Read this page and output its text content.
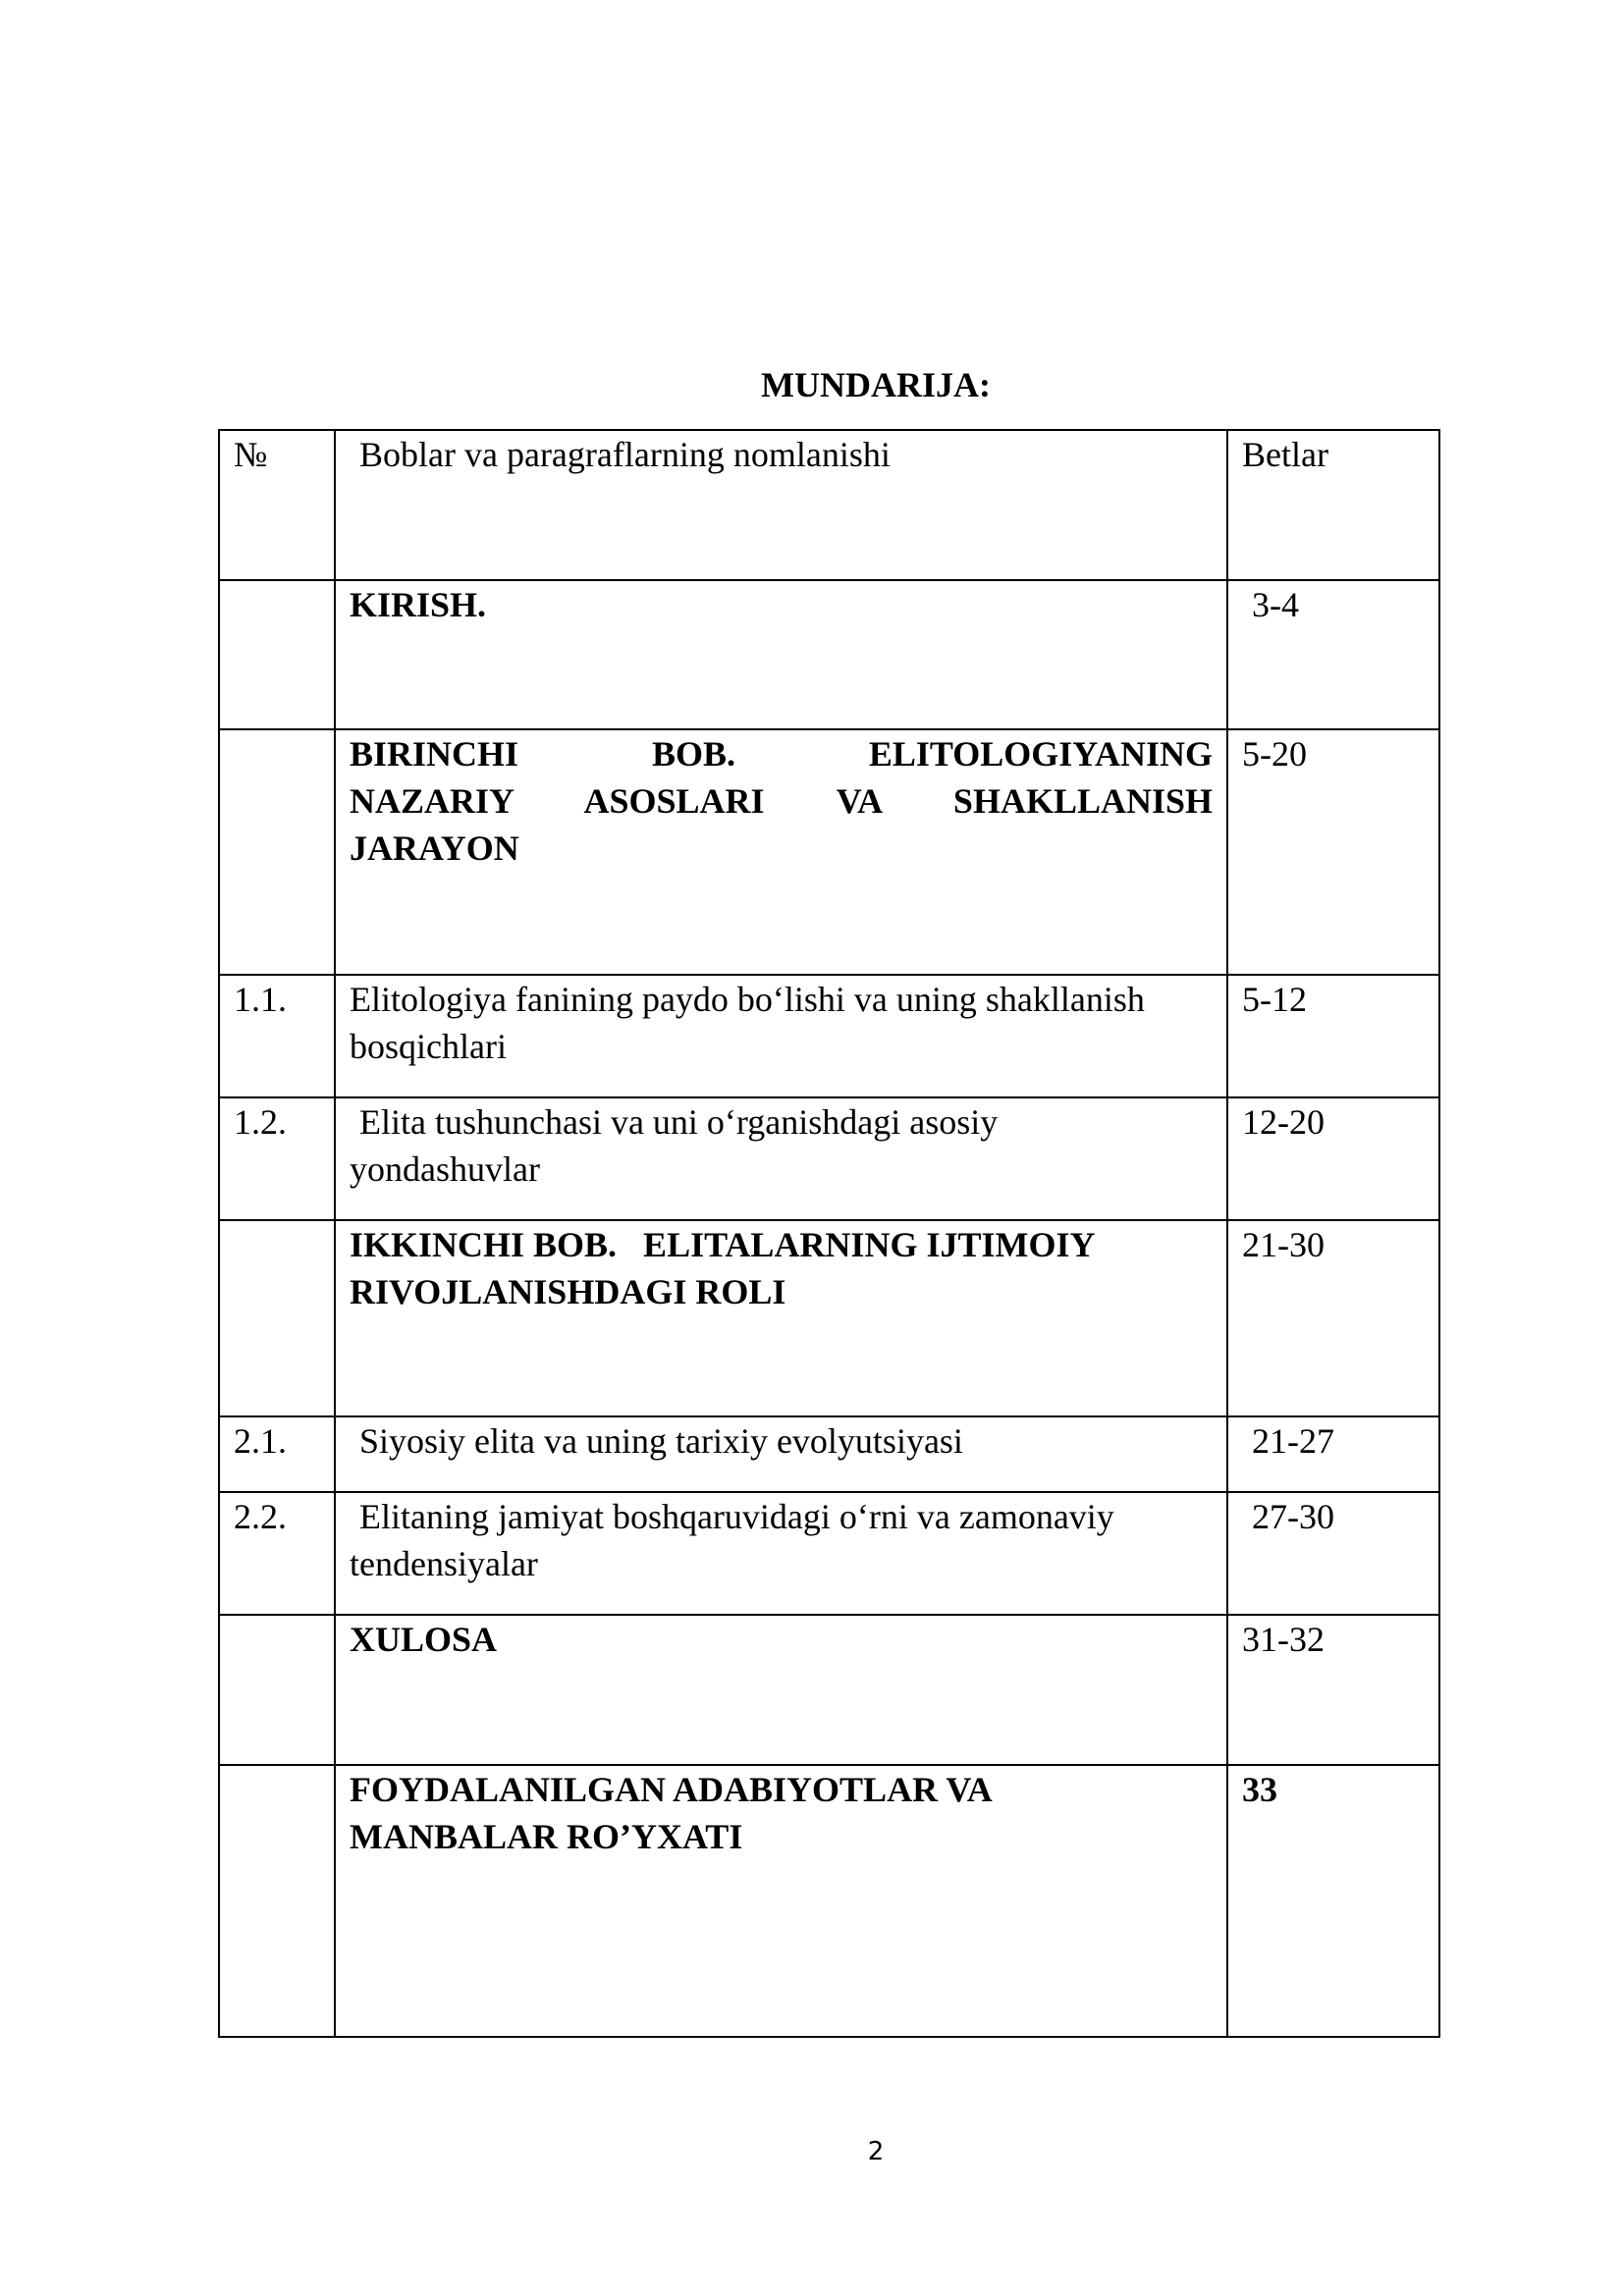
MUNDARIJA:
№	Boblar va paragraflarning nomlanishi	Betlar
	KIRISH.	3-4

	BIRINCHI BOB. ELITOLOGIYANING
NAZARIY ASOSLARI VA SHAKLLANISH
JARAYON	5-20
1.1.	Elitologiya fanining paydo bo‘lishi va uning shakllanish
bosqichlari	5-12
1.2.	Elita tushunchasi va uni o‘rganishdagi asosiy
yondashuvlar	12-20

	IKKINCHI BOB.   ELITALARNING IJTIMOIY
RIVOJLANISHDAGI ROLI	21-30
2.1.	Siyosiy elita va uning tarixiy evolyutsiyasi	21-27
2.2.	Elitaning jamiyat boshqaruvidagi o‘rni va zamonaviy
tendensiyalar	27-30
	XULOSA	31-32

	FOYDALANILGAN ADABIYOTLAR VA
MANBALAR RO’YXATI	33
2
